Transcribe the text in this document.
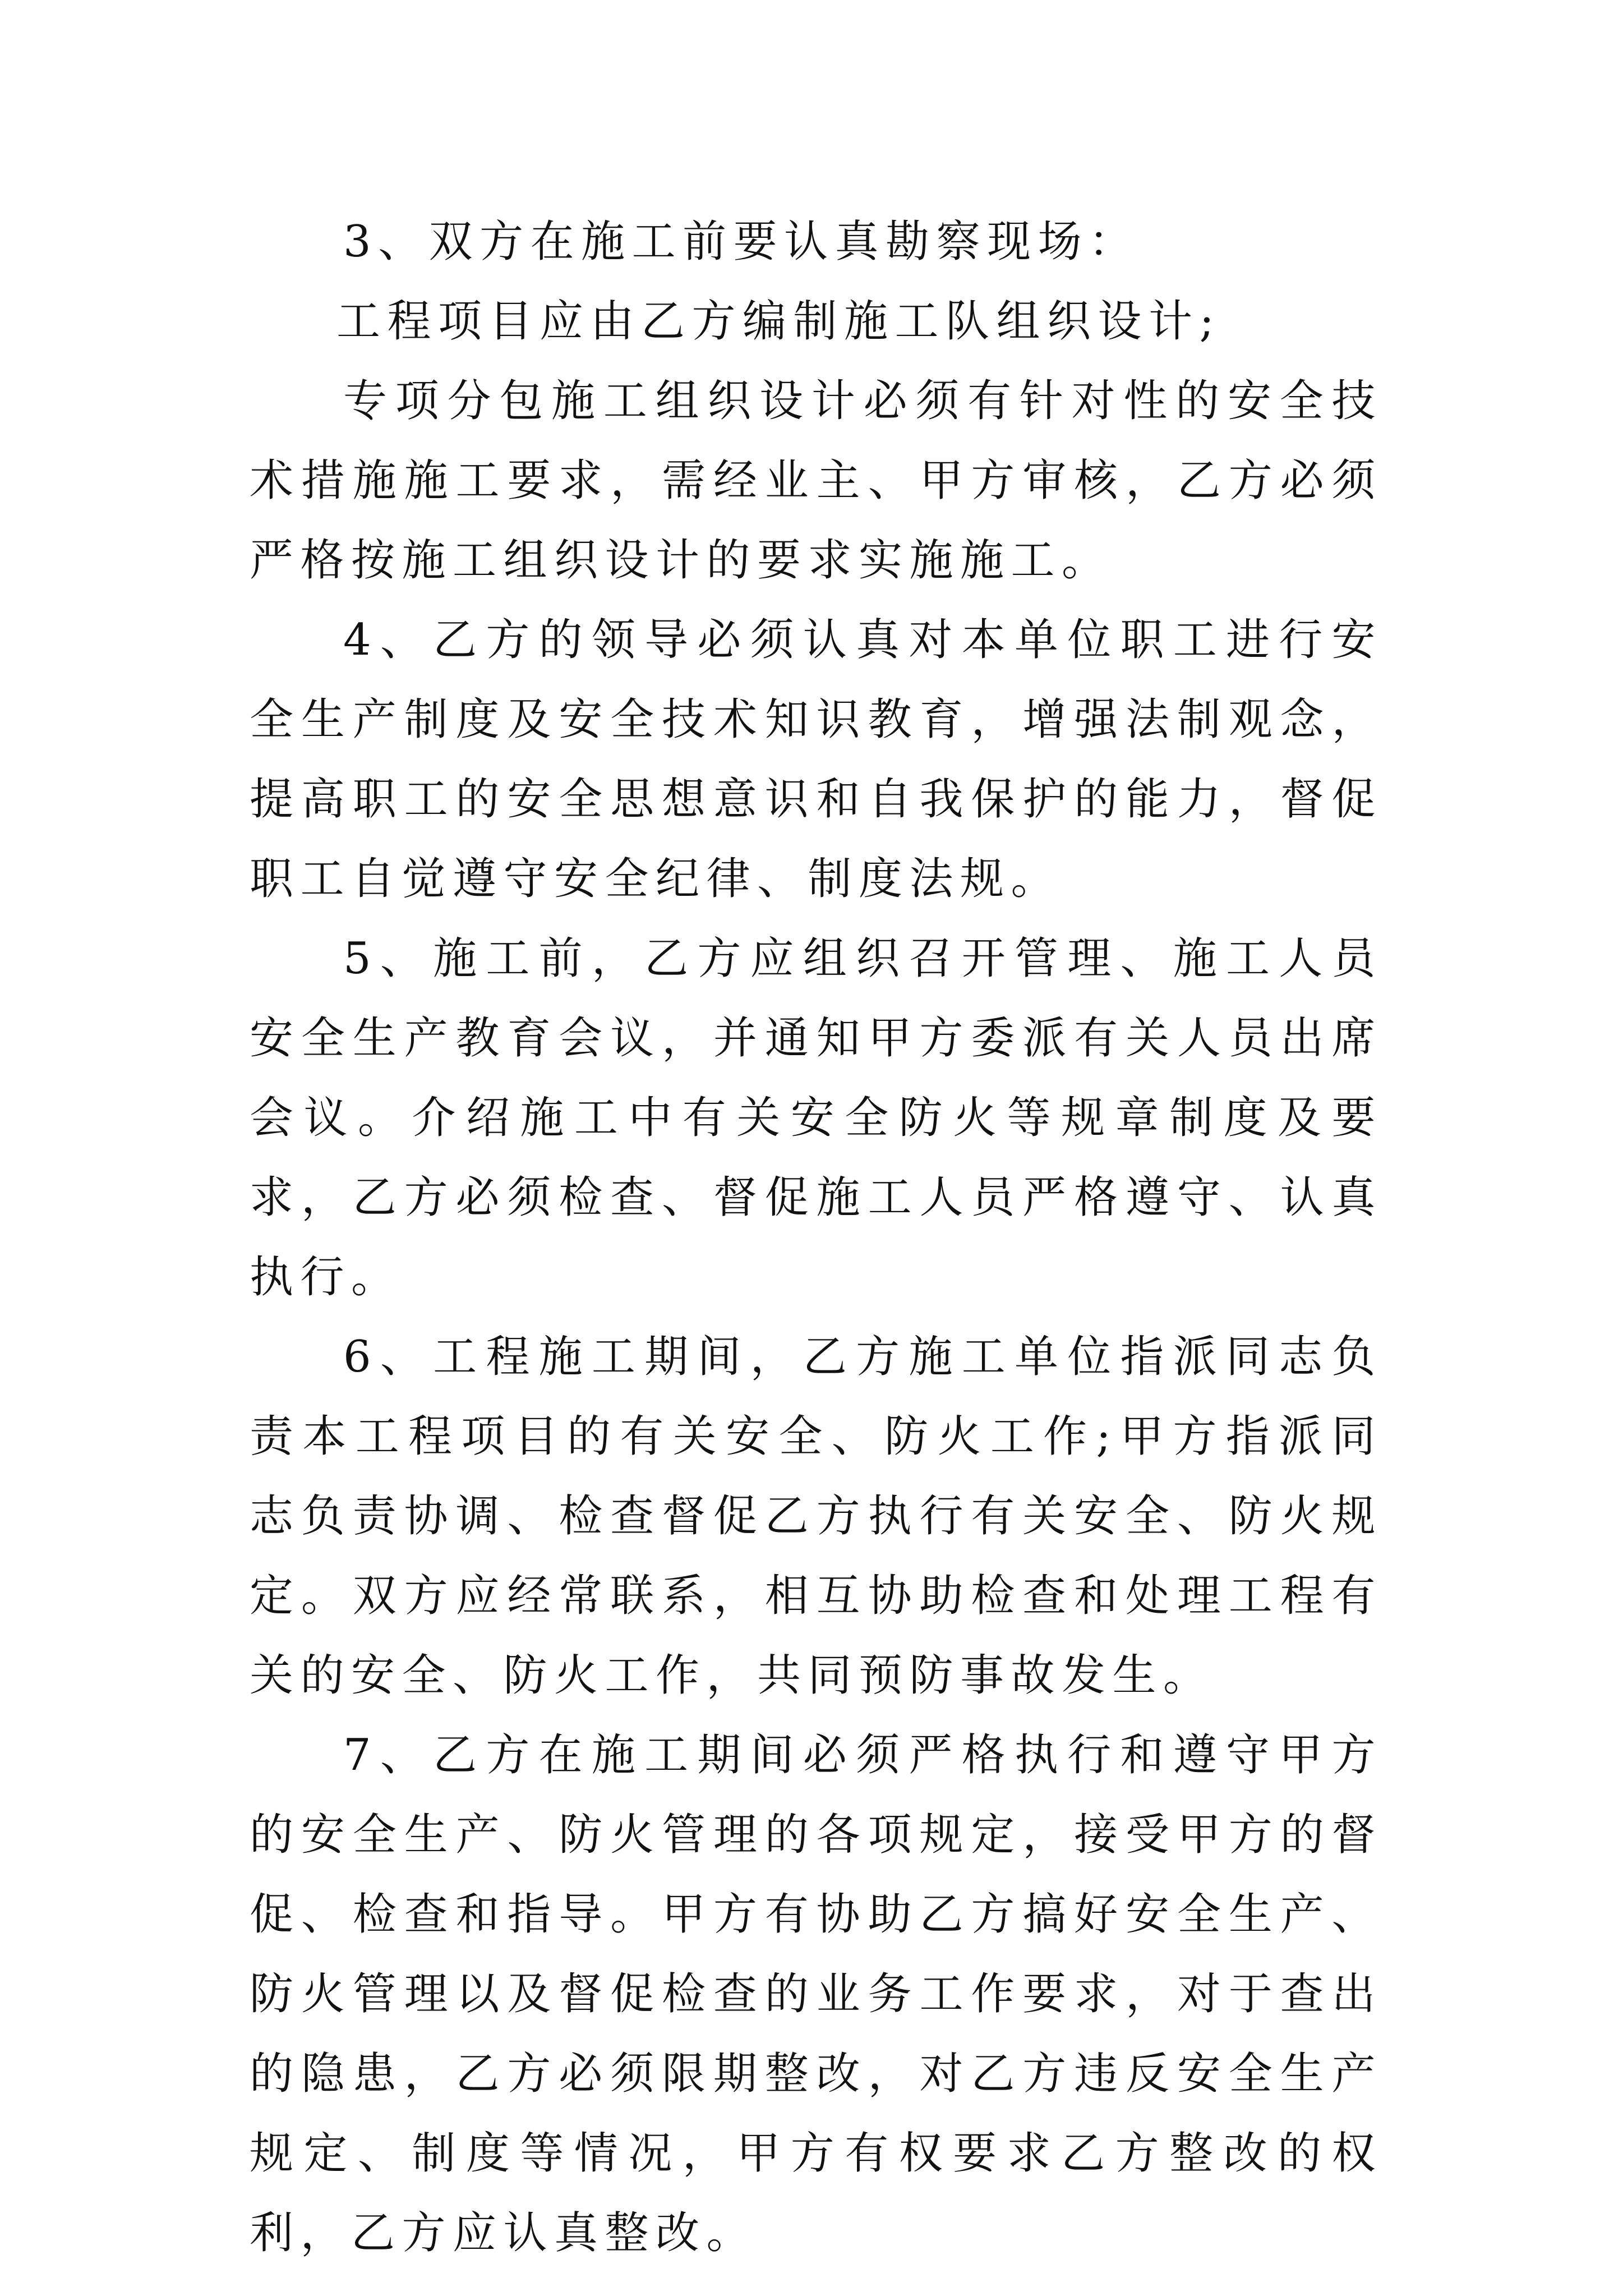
3、双方在施工前要认真勘察现场：

工程项目应由乙方编制施工队组织设计;

专项分包施工组织设计必须有针对性的安全技术措施施工要求，需经业主、甲方审核，乙方必须严格按施工组织设计的要求实施施工。

4、乙方的领导必须认真对本单位职工进行安全生产制度及安全技术知识教育，增强法制观念，提高职工的安全思想意识和自我保护的能力，督促职工自觉遵守安全纪律、制度法规。

5、施工前，乙方应组织召开管理、施工人员安全生产教育会议，并通知甲方委派有关人员出席会议。介绍施工中有关安全防火等规章制度及要求，乙方必须检查、督促施工人员严格遵守、认真执行。

6、工程施工期间，乙方施工单位指派同志负责本工程项目的有关安全、防火工作;甲方指派同志负责协调、检查督促乙方执行有关安全、防火规定。双方应经常联系，相互协助检查和处理工程有关的安全、防火工作，共同预防事故发生。

7、乙方在施工期间必须严格执行和遵守甲方的安全生产、防火管理的各项规定，接受甲方的督促、检查和指导。甲方有协助乙方搞好安全生产、防火管理以及督促检查的业务工作要求，对于查出的隐患，乙方必须限期整改，对乙方违反安全生产规定、制度等情况，甲方有权要求乙方整改的权利，乙方应认真整改。
